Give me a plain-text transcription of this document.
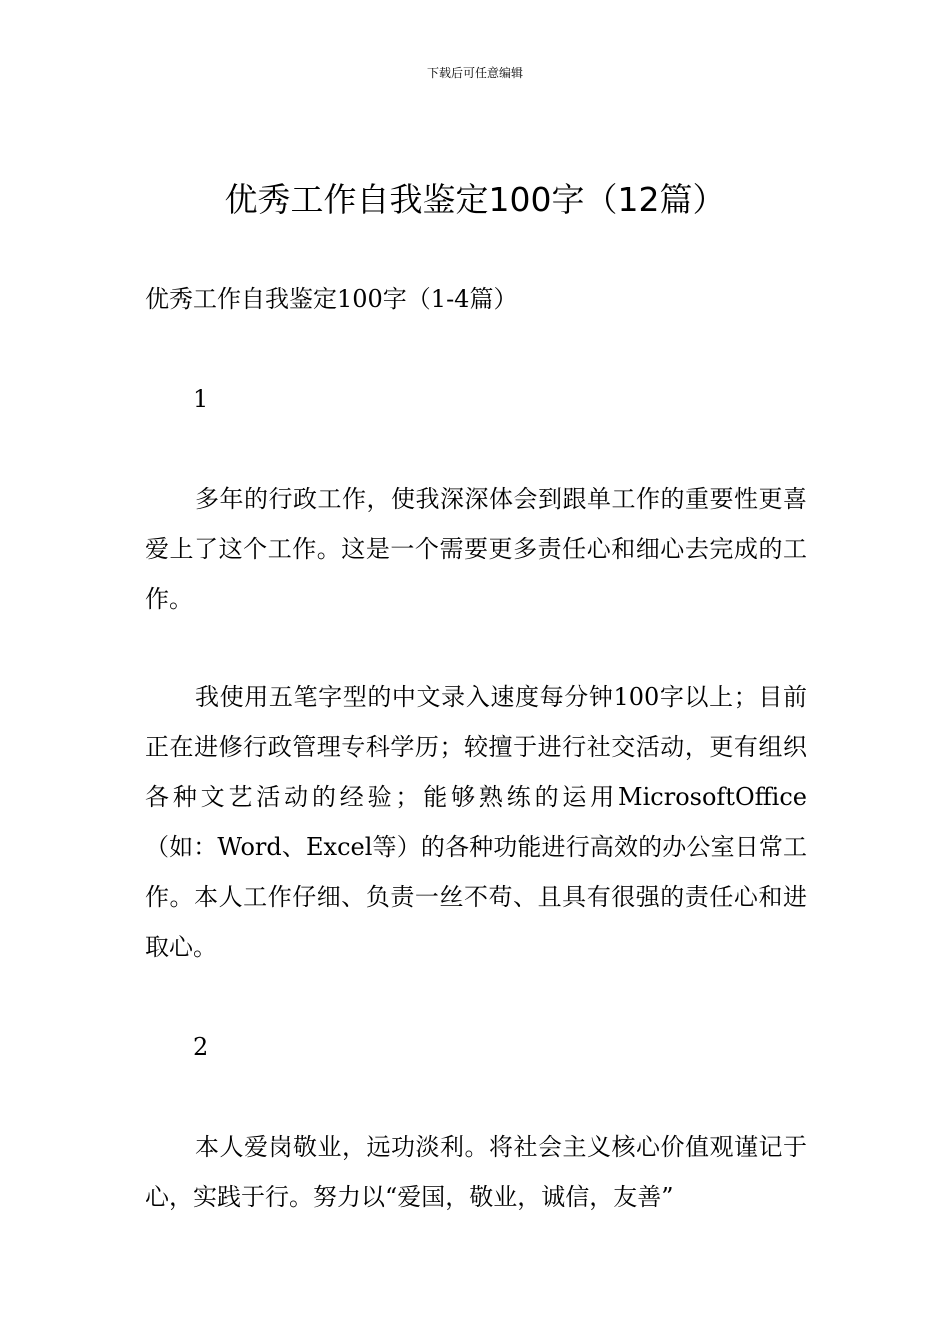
下载后可任意编辑
优秀工作自我鉴定100字（12篇）

优秀工作自我鉴定100字（1-4篇）

1

多年的行政工作，使我深深体会到跟单工作的重要性更喜爱上了这个工作。这是一个需要更多责任心和细心去完成的工作。

我使用五笔字型的中文录入速度每分钟100字以上；目前正在进修行政管理专科学历；较擅于进行社交活动，更有组织各种文艺活动的经验；能够熟练的运用MicrosoftOffice（如：Word、Excel等）的各种功能进行高效的办公室日常工作。本人工作仔细、负责一丝不苟、且具有很强的责任心和进取心。

2

本人爱岗敬业，远功淡利。将社会主义核心价值观谨记于心，实践于行。努力以“爱国，敬业，诚信，友善”
